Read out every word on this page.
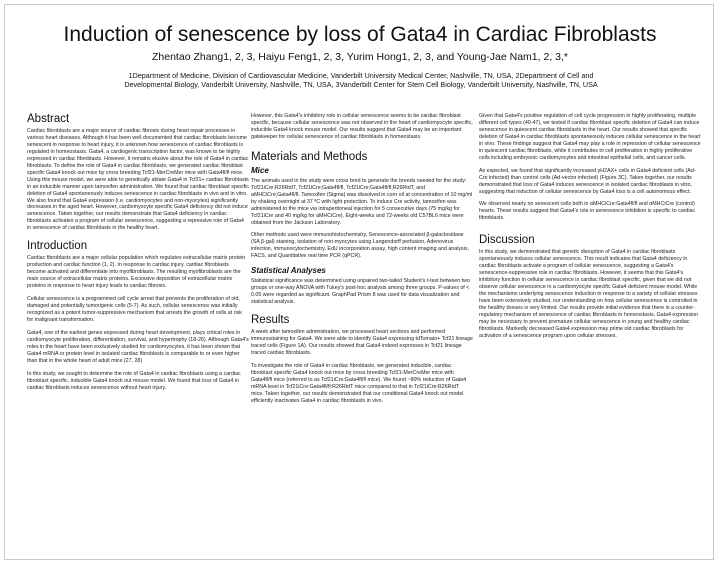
Induction of senescence by loss of Gata4 in Cardiac Fibroblasts
Zhentao Zhang1, 2, 3, Haiyu Feng1, 2, 3, Yurim Hong1, 2, 3, and Young-Jae Nam1, 2, 3,*
1Department of Medicine, Division of Cardiovascular Medicine, Vanderbilt University Medical Center, Nashville, TN, USA, 2Department of Cell and
Developmental Biology, Vanderbilt University, Nashville, TN, USA, 3Vanderbilt Center for Stem Cell Biology, Vanderbilt University, Nashville, TN, USA
Abstract

Cardiac fibroblasts are a major source of cardiac fibrosis during heart repair processes in various heart diseases. Although it has been well documented that cardiac fibroblasts become senescent in response to heart injury, it is unknown how senescence of cardiac fibroblasts is regulated in homeostasis. Gata4, a cardiogenic transcription factor, was known to be highly expressed in cardiac fibroblasts. However, it remains elusive about the role of Gata4 in cardiac fibroblasts. To define the role of Gata4 in cardiac fibroblasts, we generated cardiac fibroblast specific Gata4 knock out mice by cross breeding Tcf21-MerCreMer mice with Gata4fl/fl mice. Using this mouse model, we were able to genetically ablate Gata4 in Tcf21+ cardiac fibroblasts in an inducible manner upon tamoxifen administration. We found that cardiac fibroblast specific deletion of Gata4 spontaneously induces senescence in cardiac fibroblasts in vivo and in vitro. We also found that Gata4 expression (i.e. cardiomyocytes and non-myocytes) significantly decreases in the aged heart. However, cardiomyocyte specific Gata4 deficiency did not induce senescence. Taken together, our results demonstrate that Gata4 deficiency in cardiac fibroblasts activates a program of cellular senescence, suggesting a repressive role of Gata4 in senescence of cardiac fibroblasts in the healthy heart.

Introduction

Cardiac fibroblasts are a major cellular population which regulates extracellular matrix protein production and cardiac function (1, 2). In response to cardiac injury, cardiac fibroblasts become activated and differentiate into myofibroblasts. The resulting myofibroblasts are the main source of extracellular matrix proteins. Excessive deposition of extracellular matrix proteins in response to heart injury leads to cardiac fibrosis.

Cellular senescence is a programmed cell cycle arrest that prevents the proliferation of old, damaged and potentially tumorigenic cells (5-7). As such, cellular senescence was initially recognized as a potent tumor-suppressive mechanism that arrests the growth of cells at risk for malignant transformation.

Gata4, one of the earliest genes expressed during heart development, plays critical roles in cardiomyocyte proliferation, differentiation, survival, and hypertrophy (18-26). Although Gata4's roles in the heart have been exclusively studied for cardiomyocytes, it has been shown that Gata4 mRNA or protein level in isolated cardiac fibroblasts is comparable to or even higher than that in the whole heart of adult mice (27, 28)

In this study, we sought to determine the role of Gata4 in cardiac fibroblasts using a cardiac fibroblast specific, inducible Gata4 knock out mouse model. We found that loss of Gata4 in cardiac fibroblasts induces senescence without heart injury.

However, this Gata4's inhibitory role in cellular senescence seems to be cardiac fibroblast specific, because cellular senescence was not observed in the heart of cardiomyocyte specific, inducible Gata4 knock mouse model. Our results suggest that Gata4 may be an important gatekeeper for cellular senescence of cardiac fibroblasts in homeostasis.

Materials and Methods
Mice

The animals used in the study were cross bred to generate the breeds needed for the study: Tcf21iCre;R26RtdT, Tcf21iCre;Gata4fl/fl, Tcf21iCre;Gata4fl/fl;R26RtdT, and aMHCiCre;Gata4fl/fl. Tamoxifen (Sigma) was dissolved in corn oil at concentration of 10 mg/ml by shaking overnight at 37 ºC with light protection. To induce Cre activity, tamoxifen was administered to the mice via intraperitoneal injection for 5 consecutive days (75 mg/kg for Tcf21iCre and 40 mg/kg for aMHCiCre). Eight-weeks and 72-weeks old C57BL6 mice were obtained from the Jackson Laboratory.

Other methods used were immunohistochemistry, Senescence-associated β-galactosidase (SA β-gal) staining, isolation of non-myocytes using Langendorff perfusion, Adenovirus infection, immunocytochemistry, EdU incorporation assay, high content imaging and analysis, FACS, and Quantitative real time PCR (qPCR).

Statistical Analyses

Statistical significance was determined using unpaired two-tailed Student's t-test between two groups or one-way ANOVA with Tukey's post-hoc analysis among three groups. P-values of < 0.05 were regarded as significant. GraphPad Prism 8 was used for data visualization and statistical analysis.

Results

A week after tamoxifen administration, we processed heart sections and performed immunostaining for Gata4. We were able to identify Gata4 expressing tdTomato+ Tcf21 lineage traced cells (Figure 1A). Our results showed that Gata4 indeed expresses in Tcf21 lineage traced cardiac fibroblasts.

To investigate the role of Gata4 in cardiac fibroblasts, we generated inducible, cardiac fibroblast specific Gata4 knock out mice by cross breeding Tcf21-MerCreMer mice with Gata4fl/fl mice (referred to as Tcf21iCre:Gata4fl/fl mice). We found ~80% reduction of Gata4 mRNA level in Tcf21iCre:Gata4fl/fl:R26RtdT mice compared to that in Tcf21iCre:R26RtdT mice. Taken together, our results demonstrated that our conditional Gata4 knock out model efficiently inactivates Gata4 in cardiac fibroblasts in vivo.

Given that Gata4's positive regulation of cell cycle progression in highly proliferating, multiple different cell types (40-47), we tested if cardiac fibroblast specific deletion of Gata4 can induce senescence in quiescent cardiac fibroblasts in the heart. Our results showed that specific deletion of Gata4 in cardiac fibroblasts spontaneously induces cellular senescence in the heart in vivo. These findings suggest that Gata4 may play a role in repression of cellular senescence in quiescent cardiac fibroblasts, while it contributes to cell proliferation in highly proliferative cells including embryonic cardiomyocytes and intestinal epithelial cells, and cancer cells.

As expected, we found that significantly increased γH2AX+ cells in Gata4 deficient cells (Ad-Cre infected) than control cells (Ad-vector infected) (Figure 3C). Taken together, our results demonstrated that loss of Gata4 induces senescence in isolated cardiac fibroblasts in vitro, suggesting that induction of cellular senescence by Gata4 loss is a cell autonomous effect.

We observed nearly no senescent cells both in αMHCiCre:Gata4fl/fl and αMHCiCre (control) hearts. These results suggest that Gata4's role in senescence inhibition is specific to cardiac fibroblasts.

Discussion

In this study, we demonstrated that genetic disruption of Gata4 in cardiac fibroblasts spontaneously induces cellular senescence. This result indicates that Gata4 deficiency in cardiac fibroblasts activate a program of cellular senescence, suggesting a Gata4's senescence-suppressive role in cardiac fibroblasts. However, it seems that this Gata4's inhibitory function in cellular senescence is cardiac fibroblast specific, given that we did not observe cellular senescence in a cardiomyocyte specific Gata4 deficient mouse model. While the mechanisms underlying senescence induction in response to a variety of cellular stresses have been extensively studied, our understanding on how cellular senescence is controlled in the healthy tissues is very limited. Our results provide initial evidence that there is a counter-regulatory mechanism of senescence of cardiac fibroblasts in homeostasis. Gata4 expression may be necessary to prevent premature cellular senescence in young and healthy cardiac fibroblasts. Markedly decreased Gata4 expression may prime old cardiac fibroblasts for activation of a senescence program upon cellular stresses.
